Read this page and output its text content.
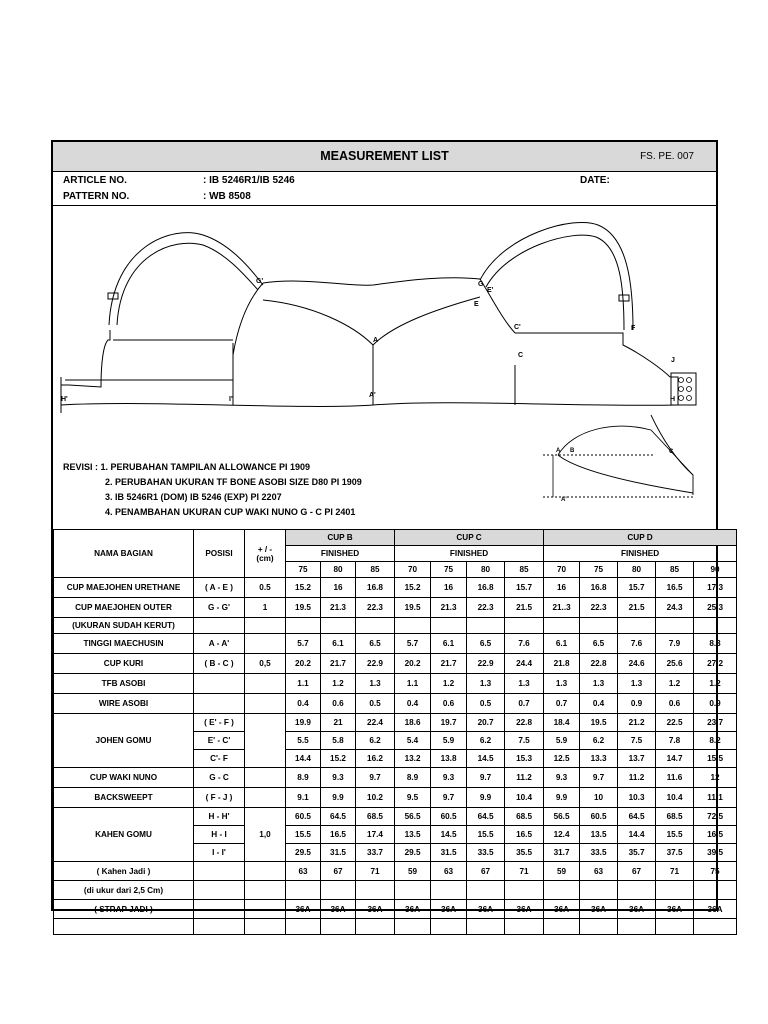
MEASUREMENT LIST	FS. PE. 007
ARTICLE NO.	: IB 5246R1/IB 5246	DATE:
PATTERN NO.	: WB 8508
G'	G
E'
E
A
C'
C
F
J
H
H'	I'
A'
A B	C
A'
REVISI : 1. PERUBAHAN TAMPILAN ALLOWANCE PI 1909
2. PERUBAHAN UKURAN TF BONE ASOBI SIZE D80 PI 1909
3. IB 5246R1 (DOM) IB 5246 (EXP) PI 2207
4. PENAMBAHAN UKURAN CUP WAKI NUNO G - C PI 2401
NAMA BAGIAN	POSISI	+ / -
(cm)	CUP B			CUP C				CUP D				
			FINISHED			FINISHED				FINISHED				
			75	80	85	70	75	80	85	70	75	80	85	90
CUP MAEJOHEN URETHANE	( A - E )	0.5	15.2	16	16.8	15.2	16	16.8	15.7	16	16.8	15.7	16.5	17.3
CUP MAEJOHEN OUTER	G - G'	1	19.5	21.3	22.3	19.5	21.3	22.3	21.5	21..3	22.3	21.5	24.3	25.3
(UKURAN SUDAH KERUT)														
TINGGI MAECHUSIN	A - A'		5.7	6.1	6.5	5.7	6.1	6.5	7.6	6.1	6.5	7.6	7.9	8.3
CUP KURI	( B - C )	0,5	20.2	21.7	22.9	20.2	21.7	22.9	24.4	21.8	22.8	24.6	25.6	27.2
TFB ASOBI			1.1	1.2	1.3	1.1	1.2	1.3	1.3	1.3	1.3	1.3	1.2	1.2
WIRE ASOBI			0.4	0.6	0.5	0.4	0.6	0.5	0.7	0.7	0.4	0.9	0.6	0.9
JOHEN GOMU	( E' - F )		19.9	21	22.4	18.6	19.7	20.7	22.8	18.4	19.5	21.2	22.5	23.7
	E' - C'		5.5	5.8	6.2	5.4	5.9	6.2	7.5	5.9	6.2	7.5	7.8	8.2
	C'- F		14.4	15.2	16.2	13.2	13.8	14.5	15.3	12.5	13.3	13.7	14.7	15.5
CUP WAKI NUNO	G - C		8.9	9.3	9.7	8.9	9.3	9.7	11.2	9.3	9.7	11.2	11.6	12
BACKSWEEPT	( F - J )		9.1	9.9	10.2	9.5	9.7	9.9	10.4	9.9	10	10.3	10.4	11.1
KAHEN GOMU	H - H'	1,0	60.5	64.5	68.5	56.5	60.5	64.5	68.5	56.5	60.5	64.5	68.5	72.5
	H - I		15.5	16.5	17.4	13.5	14.5	15.5	16.5	12.4	13.5	14.4	15.5	16.5
	I - I'		29.5	31.5	33.7	29.5	31.5	33.5	35.5	31.7	33.5	35.7	37.5	39.5
( Kahen Jadi )			63	67	71	59	63	67	71	59	63	67	71	75
(di ukur dari 2,5 Cm)														
( STRAP JADI )			36A	36A	36A	36A	36A	36A	36A	36A	36A	36A	36A	36A
